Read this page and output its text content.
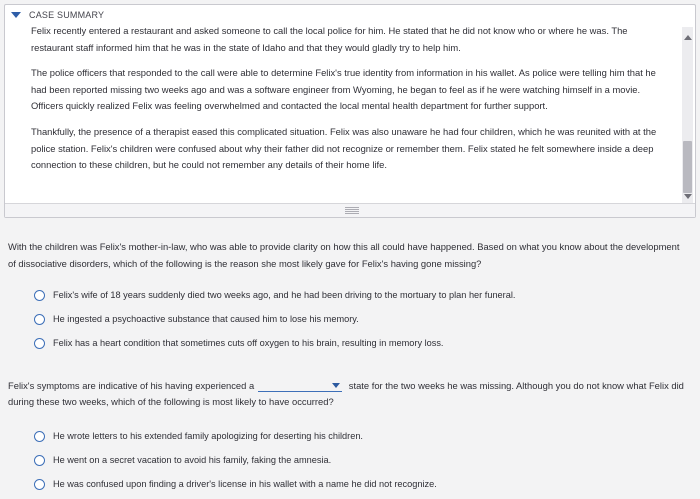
CASE SUMMARY

Felix recently entered a restaurant and asked someone to call the local police for him. He stated that he did not know who or where he was. The restaurant staff informed him that he was in the state of Idaho and that they would gladly try to help him.

The police officers that responded to the call were able to determine Felix's true identity from information in his wallet. As police were telling him that he had been reported missing two weeks ago and was a software engineer from Wyoming, he began to feel as if he were watching himself in a movie. Officers quickly realized Felix was feeling overwhelmed and contacted the local mental health department for further support.

Thankfully, the presence of a therapist eased this complicated situation. Felix was also unaware he had four children, which he was reunited with at the police station. Felix's children were confused about why their father did not recognize or remember them. Felix stated he felt somewhere inside a deep connection to these children, but he could not remember any details of their home life.

With the children was Felix's mother-in-law, who was able to provide clarity on how this all could have happened. Based on what you know about the development of dissociative disorders, which of the following is the reason she most likely gave for Felix's having gone missing?
Felix's wife of 18 years suddenly died two weeks ago, and he had been driving to the mortuary to plan her funeral.
He ingested a psychoactive substance that caused him to lose his memory.
Felix has a heart condition that sometimes cuts off oxygen to his brain, resulting in memory loss.
Felix's symptoms are indicative of his having experienced a	state for the two weeks he was missing. Although you do not know what Felix did during these two weeks, which of the following is most likely to have occurred?
He wrote letters to his extended family apologizing for deserting his children.
He went on a secret vacation to avoid his family, faking the amnesia.
He was confused upon finding a driver's license in his wallet with a name he did not recognize.
